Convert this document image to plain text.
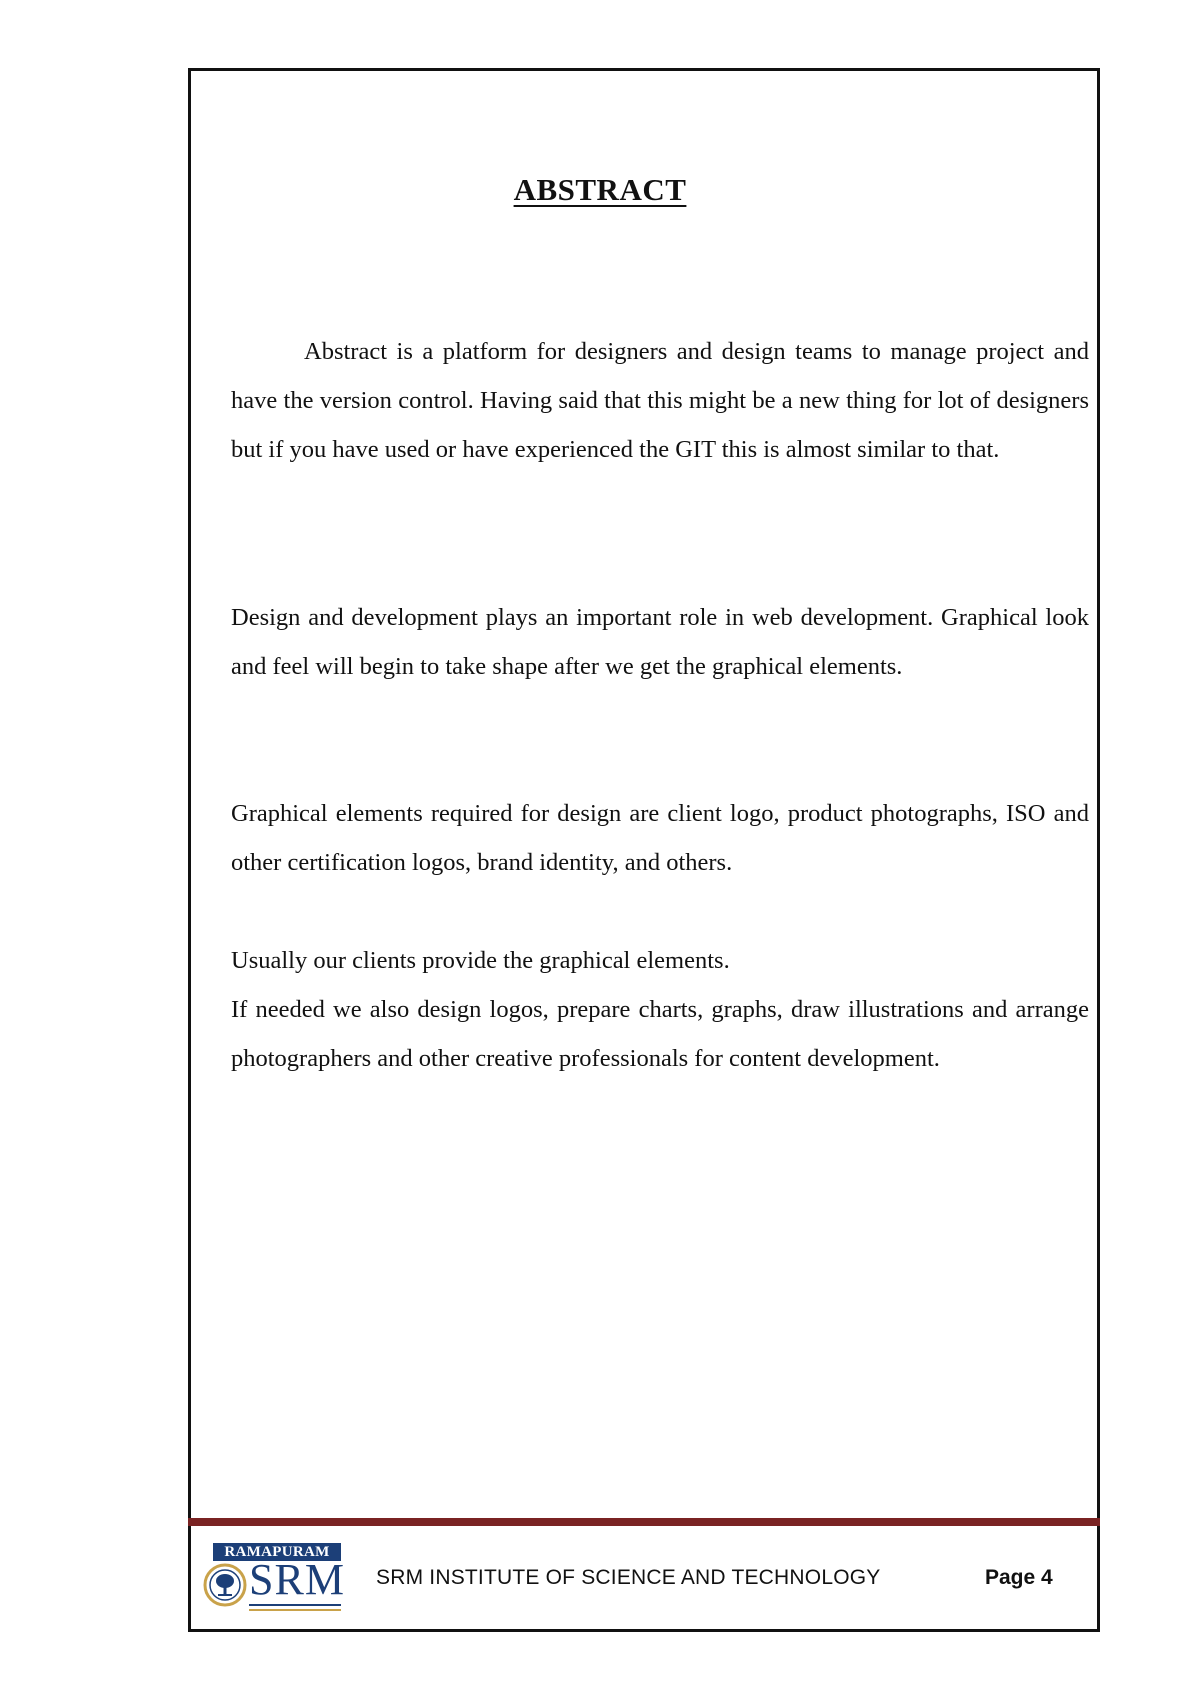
ABSTRACT

Abstract is a platform for designers and design teams to manage project and have the version control. Having said that this might be a new thing for lot of designers but if you have used or have experienced the GIT this is almost similar to that.

Design and development plays an important role in web development. Graphical look and feel will begin to take shape after we get the graphical elements.

Graphical elements required for design are client logo, product photographs, ISO and other certification logos, brand identity, and others.

Usually our clients provide the graphical elements.

If needed we also design logos, prepare charts, graphs, draw illustrations and arrange photographers and other creative professionals for content development.

RAMAPURAM
SRM SRM INSTITUTE OF SCIENCE AND TECHNOLOGY	Page 4
